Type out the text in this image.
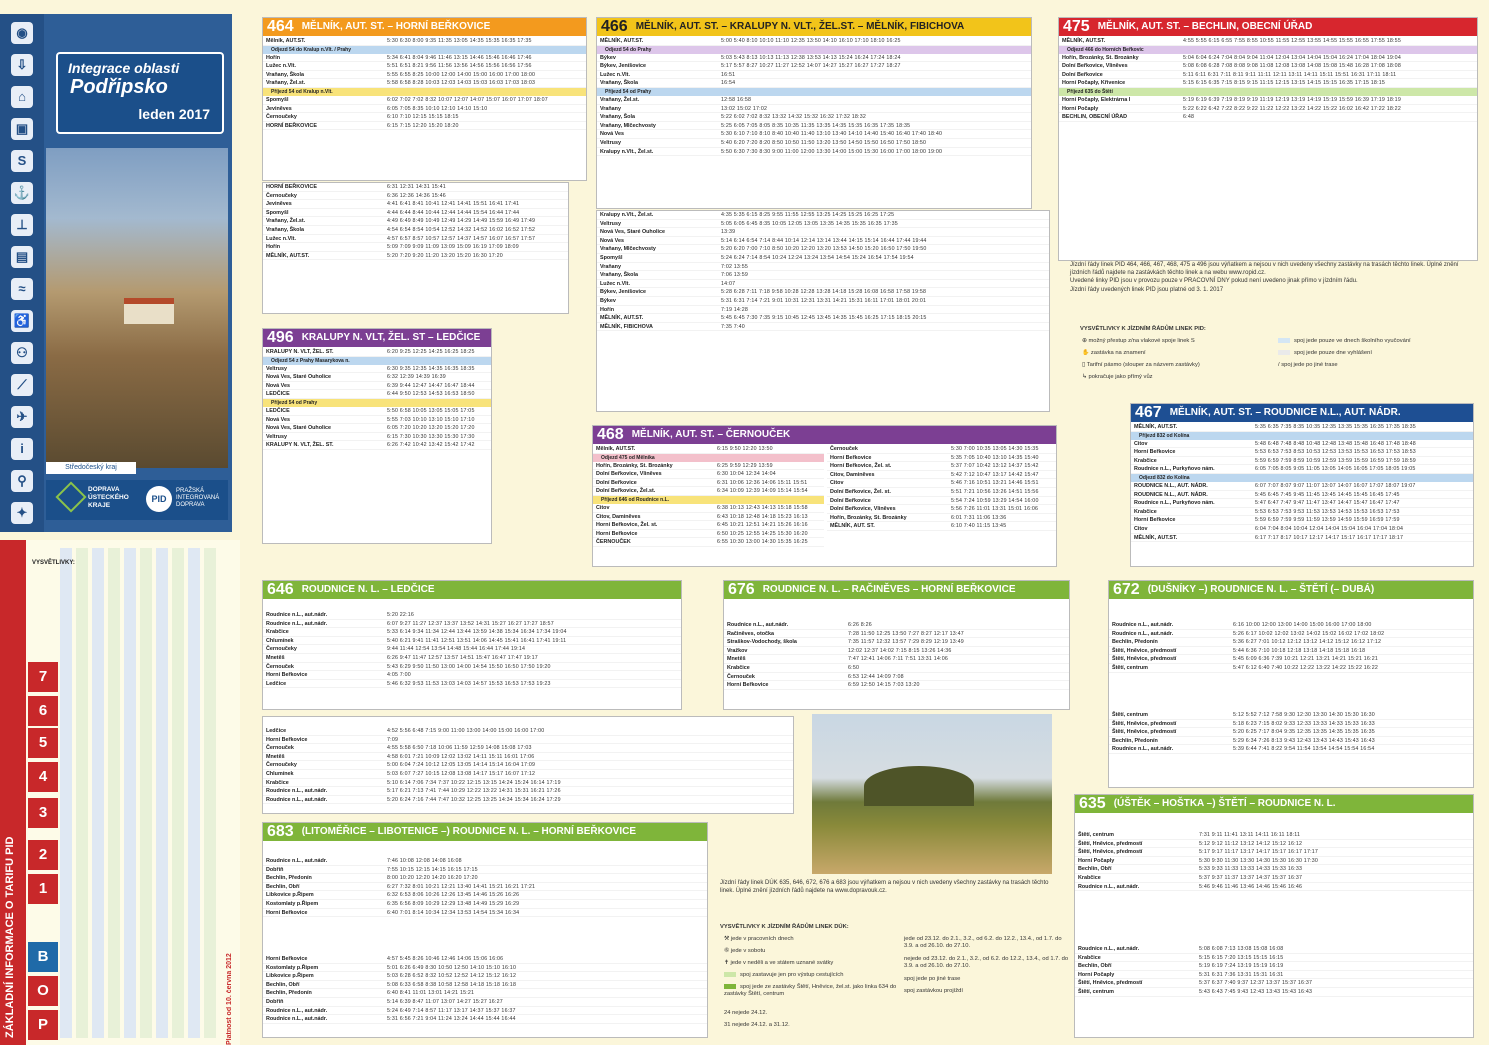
◉
⇩
⌂
▣
S
⚓
⊥
▤
≈
♿
⚇
⟋
✈
i
⚲
✦
Integrace oblasti
Podřipsko
leden 2017
Středočeský kraj
DOPRAVA ÚSTECKÉHO KRAJE
PID
PRAŽSKÁ INTEGROVANÁ DOPRAVA
ZÁKLADNÍ INFORMACE O TARIFU PID	P
O
B
1
2
3
4
5
6
7
Platnost od 10. června 2012
VYSVĚTLIVKY:
464 MĚLNÍK, AUT. ST. – HORNÍ BEŘKOVICE
Mělník, AUT.ST.	5:30 6:30 8:00 9:35 11:35 13:05 14:35 15:35 16:35 17:35
Odjezd 54 do Kralup n.Vlt. / Prahy
Hořín	5:34 6:41 8:04 9:46 11:46 13:15 14:46 15:46 16:46 17:46
Lužec n.Vlt.	5:51 6:51 8:21 9:56 11:56 13:56 14:56 15:56 16:56 17:56
Vraňany, Škola	5:55 6:55 8:25 10:00 12:00 14:00 15:00 16:00 17:00 18:00
Vraňany, Žel.st.	5:58 6:58 8:28 10:03 12:03 14:03 15:03 16:03 17:03 18:03
Příjezd 54 od Kralup n.Vlt.
Spomyšl	6:02 7:02 7:02 8:32 10:07 12:07 14:07 15:07 16:07 17:07 18:07
Jeviněves	6:05 7:05 8:35 10:10 12:10 14:10 15:10
Černoučeky	6:10 7:10 12:15 15:15 18:15
HORNÍ BEŘKOVICE	6:15 7:15 12:20 15:20 18:20
HORNÍ BEŘKOVICE	6:31 12:31 14:31 15:41
Černoučeky	6:36 12:36 14:36 15:46
Jeviněves	4:41 6:41 8:41 10:41 12:41 14:41 15:51 16:41 17:41
Spomyšl	4:44 6:44 8:44 10:44 12:44 14:44 15:54 16:44 17:44
Vraňany, Žel.st.	4:49 6:49 8:49 10:49 12:49 14:29 14:49 15:59 16:49 17:49
Vraňany, Škola	4:54 6:54 8:54 10:54 12:52 14:32 14:52 16:02 16:52 17:52
Lužec n.Vlt.	4:57 6:57 8:57 10:57 12:57 14:37 14:57 16:07 16:57 17:57
Hořín	5:09 7:09 9:09 11:09 13:09 15:09 16:19 17:09 18:09
MĚLNÍK, AUT.ST.	5:20 7:20 9:20 11:20 13:20 15:20 16:30 17:20
496 KRALUPY N. VLT, ŽEL. ST – LEDČICE
KRALUPY N. VLT, ŽEL. ST.	6:20 9:25 12:25 14:25 16:25 18:25
Odjezd 54 z Prahy Masarykova n.
Veltrusy	6:30 9:35 12:35 14:35 16:35 18:35
Nová Ves, Staré Ouholice	6:32 12:39 14:39 16:39
Nová Ves	6:39 9:44 12:47 14:47 16:47 18:44
LEDČICE	6:44 9:50 12:53 14:53 16:53 18:50
Příjezd 54 od Prahy
LEDČICE	5:50 6:58 10:05 13:05 15:05 17:05
Nová Ves	5:55 7:03 10:10 13:10 15:10 17:10
Nová Ves, Staré Ouholice	6:05 7:20 10:20 13:20 15:20 17:20
Veltrusy	6:15 7:30 10:30 13:30 15:30 17:30
KRALUPY N. VLT, ŽEL. ST.	6:26 7:42 10:42 13:42 15:42 17:42
466 MĚLNÍK, AUT. ST. – KRALUPY N. VLT., ŽEL.ST. – MĚLNÍK, FIBICHOVA
MĚLNÍK, AUT.ST.	5:00 5:40 8:10 10:10 11:10 12:35 13:50 14:10 16:10 17:10 18:10 16:25
Odjezd 54 do Prahy
Býkev	5:03 5:43 8:13 10:13 11:13 12:38 13:53 14:13 15:24 16:24 17:24 18:24
Býkev, Jeníšovice	5:17 5:57 8:27 10:27 11:27 12:52 14:07 14:27 15:27 16:27 17:27 18:27
Lužec n.Vlt.	16:51
Vraňany, Škola	16:54
Příjezd 54 od Prahy
Vraňany, Žel.st.	12:58 16:58
Vraňany	13:02 15:02 17:02
Vraňany, Šola	5:22 6:02 7:02 8:32 13:32 14:32 15:32 16:32 17:32 18:32
Vraňany, Mlčechvosty	5:25 6:05 7:05 8:05 8:35 10:35 11:35 13:35 14:35 15:35 16:35 17:35 18:35
Nová Ves	5:30 6:10 7:10 8:10 8:40 10:40 11:40 13:10 13:40 14:10 14:40 15:40 16:40 17:40 18:40
Veltrusy	5:40 6:20 7:20 8:20 8:50 10:50 11:50 13:20 13:50 14:50 15:50 16:50 17:50 18:50
Kralupy n.Vlt., Žel.st.	5:50 6:30 7:30 8:30 9:00 11:00 12:00 13:30 14:00 15:00 15:30 16:00 17:00 18:00 19:00
Kralupy n.Vlt., Žel.st.	4:35 5:35 6:15 8:25 9:55 11:55 12:55 13:25 14:25 15:25 16:25 17:25
Veltrusy	5:05 6:05 6:45 8:35 10:05 12:05 13:05 13:35 14:35 15:35 16:35 17:35
Nová Ves, Staré Ouholice	13:39
Nová Ves	5:14 6:14 6:54 7:14 8:44 10:14 12:14 13:14 13:44 14:15 15:14 16:44 17:44 19:44
Vraňany, Mlčechvosty	5:20 6:20 7:00 7:10 8:50 10:20 12:20 13:20 13:53 14:50 15:20 16:50 17:50 19:50
Spomyšl	5:24 6:24 7:14 8:54 10:24 12:24 13:24 13:54 14:54 15:24 16:54 17:54 19:54
Vraňany	7:02 13:55
Vraňany, Škola	7:06 13:59
Lužec n.Vlt.	14:07
Býkev, Jeníšovice	5:28 6:28 7:11 7:18 9:58 10:28 12:28 13:28 14:18 15:28 16:08 16:58 17:58 19:58
Býkev	5:31 6:31 7:14 7:21 9:01 10:31 12:31 13:31 14:21 15:31 16:11 17:01 18:01 20:01
Hořín	7:19 14:28
MĚLNÍK, AUT.ST.	5:45 6:45 7:30 7:35 9:15 10:45 12:45 13:45 14:35 15:45 16:25 17:15 18:15 20:15
MĚLNÍK, FIBICHOVA	7:35 7:40
468 MĚLNÍK, AUT. ST. – ČERNOUČEK
Mělník, AUT.ST.	6:15 9:50 12:20 13:50
Odjezd 475 od Mělníka
Hořín, Brozánky, St. Brozánky	6:25 9:59 12:29 13:59
Dolní Beřkovice, Vliněves	6:30 10:04 12:34 14:04
Dolní Beřkovice	6:31 10:06 12:36 14:06 15:11 15:51
Dolní Beřkovice, Žel.st.	6:34 10:09 12:39 14:09 15:14 15:54
Příjezd 646 od Roudnice n.L.
Citov	6:38 10:13 12:43 14:13 15:18 15:58
Citov, Daminěves	6:43 10:18 12:48 14:18 15:23 16:13
Horní Beřkovice, Žel. st.	6:45 10:21 12:51 14:21 15:26 16:16
Horní Beřkovice	6:50 10:25 12:55 14:25 15:30 16:20
ČERNOUČEK	6:55 10:30 13:00 14:30 15:35 16:25
Černouček	5:30 7:00 10:35 13:05 14:30 15:35
Horní Beřkovice	5:35 7:05 10:40 13:10 14:35 15:40
Horní Beřkovice, Žel. st.	5:37 7:07 10:42 13:12 14:37 15:42
Citov, Daminěves	5:42 7:12 10:47 13:17 14:42 15:47
Citov	5:46 7:16 10:51 13:21 14:46 15:51
Dolní Beřkovice, Žel. st.	5:51 7:21 10:56 13:26 14:51 15:56
Dolní Beřkovice	5:54 7:24 10:59 13:29 14:54 16:00
Dolní Beřkovice, Vliněves	5:56 7:26 11:01 13:31 15:01 16:06
Hořín, Brozánky, St. Brozánky	6:01 7:31 11:06 13:36
MĚLNÍK, AUT. ST.	6:10 7:40 11:15 13:45
475 MĚLNÍK, AUT. ST. – BECHLIN, OBECNÍ ÚŘAD
MĚLNÍK, AUT.ST.	4:55 5:55 6:15 6:55 7:55 8:55 10:55 11:55 12:55 13:55 14:55 15:55 16:55 17:55 18:55
Odjezd 466 do Horních Beřkovic
Hořín, Brozánky, St. Brozánky	5:04 6:04 6:24 7:04 8:04 9:04 11:04 12:04 13:04 14:04 15:04 16:24 17:04 18:04 19:04
Dolní Beřkovice, Vliněves	5:08 6:08 6:28 7:08 8:08 9:08 11:08 12:08 13:08 14:08 15:08 15:48 16:28 17:08 18:08
Dolní Beřkovice	5:11 6:11 6:31 7:11 8:11 9:11 11:11 12:11 13:11 14:11 15:11 15:51 16:31 17:11 18:11
Horní Počaply, Křivenice	5:15 6:15 6:35 7:15 8:15 9:15 11:15 12:15 13:15 14:15 15:15 16:35 17:15 18:15
Příjezd 635 do Štětí
Horní Počaply, Elektrárna I	5:19 6:19 6:39 7:19 8:19 9:19 11:19 12:19 13:19 14:19 15:19 15:59 16:39 17:19 18:19
Horní Počaply	5:22 6:22 6:42 7:22 8:22 9:22 11:22 12:22 13:22 14:22 15:22 16:02 16:42 17:22 18:22
BECHLIN, OBECNÍ ÚŘAD	6:48

Jízdní řády linek PID 464, 466, 467, 468, 475 a 496 jsou výňatkem a nejsou v nich uvedeny všechny zastávky na trasách těchto linek. Úplné znění jízdních řádů najdete na zastávkách těchto linek a na webu www.ropid.cz.

Uvedené linky PID jsou v provozu pouze v PRACOVNÍ DNY pokud není uvedeno jinak přímo v jízdním řádu.

Jízdní řády uvedených linek PID jsou platné od 3. 1. 2017

VYSVĚTLIVKY K JÍZDNÍM ŘÁDŮM LINEK PID:
⊕ možný přestup z/na vlakové spoje linek S
✋ zastávka na znamení
▯ Tarifní pásmo (slouper za názvem zastávky)
↳ pokračuje jako přímý vůz
spoj jede pouze ve dnech školního vyučování
spoj jede pouze dne vyhlášení
/ spoj jede po jiné trase
467 MĚLNÍK, AUT. ST. – ROUDNICE N.L., AUT. NÁDR.
MĚLNÍK, AUT.ST.	5:35 6:35 7:35 8:35 10:35 12:35 13:35 15:35 16:35 17:35 18:35
Příjezd 832 od Kolína
Citov	5:48 6:48 7:48 8:48 10:48 12:48 13:48 15:48 16:48 17:48 18:48
Horní Beřkovice	5:53 6:53 7:53 8:53 10:53 12:53 13:53 15:53 16:53 17:53 18:53
Krabčice	5:59 6:59 7:59 8:59 10:59 12:59 13:59 15:59 16:59 17:59 18:59
Roudnice n.L., Purkyňovo nám.	6:05 7:05 8:05 9:05 11:05 13:05 14:05 16:05 17:05 18:05 19:05
Odjezd 832 do Kolína
ROUDNICE N.L., AUT. NÁDR.	6:07 7:07 8:07 9:07 11:07 13:07 14:07 16:07 17:07 18:07 19:07
ROUDNICE N.L., AUT. NÁDR.	5:45 6:45 7:45 9:45 11:45 13:45 14:45 15:45 16:45 17:45
Roudnice n.L., Purkyňovo nám.	5:47 6:47 7:47 9:47 11:47 13:47 14:47 15:47 16:47 17:47
Krabčice	5:53 6:53 7:53 9:53 11:53 13:53 14:53 15:53 16:53 17:53
Horní Beřkovice	5:59 6:59 7:59 9:59 11:59 13:59 14:59 15:59 16:59 17:59
Citov	6:04 7:04 8:04 10:04 12:04 14:04 15:04 16:04 17:04 18:04
MĚLNÍK, AUT.ST.	6:17 7:17 8:17 10:17 12:17 14:17 15:17 16:17 17:17 18:17
646 ROUDNICE N. L. – LEDČICE
Roudnice n.L., aut.nádr.	5:20 22:16
Roudnice n.L., aut.nádr.	6:07 9:27 11:27 12:37 13:37 13:52 14:31 15:27 16:27 17:27 18:57
Krabčice	5:33 6:14 9:34 11:34 12:44 13:44 13:59 14:38 15:34 16:34 17:34 19:04
Chlumínek	5:40 6:21 9:41 11:41 12:51 13:51 14:06 14:45 15:41 16:41 17:41 19:11
Černoučeky	9:44 11:44 12:54 13:54 14:48 15:44 16:44 17:44 19:14
Mnetěš	6:26 9:47 11:47 12:57 13:57 14:51 15:47 16:47 17:47 19:17
Černouček	5:43 6:29 9:50 11:50 13:00 14:00 14:54 15:50 16:50 17:50 19:20
Horní Beřkovice	4:05 7:00
Ledčice	5:46 6:32 9:53 11:53 13:03 14:03 14:57 15:53 16:53 17:53 19:23
Ledčice	4:52 5:56 6:48 7:15 9:00 11:00 13:00 14:00 15:00 16:00 17:00
Horní Beřkovice	7:09
Černouček	4:55 5:58 6:50 7:18 10:06 11:59 12:59 14:08 15:08 17:03
Mnetěš	4:58 6:01 7:21 10:09 12:02 13:02 14:11 15:11 16:01 17:06
Černoučeky	5:00 6:04 7:24 10:12 12:05 13:05 14:14 15:14 16:04 17:09
Chlumínek	5:03 6:07 7:27 10:15 12:08 13:08 14:17 15:17 16:07 17:12
Krabčice	5:10 6:14 7:06 7:34 7:37 10:22 12:15 13:15 14:24 15:24 16:14 17:19
Roudnice n.L., aut.nádr.	5:17 6:21 7:13 7:41 7:44 10:29 12:22 13:22 14:31 15:31 16:21 17:26
Roudnice n.L., aut.nádr.	5:20 6:24 7:16 7:44 7:47 10:32 12:25 13:25 14:34 15:34 16:24 17:29
676 ROUDNICE N. L. – RAČINĚVES – HORNÍ BEŘKOVICE
Roudnice n.L., aut.nádr.	6:26 8:26
Račiněves, otočka	7:28 11:50 12:25 13:50 7:27 8:27 12:17 13:47
Straškov-Vodochody, škola	7:35 11:57 12:32 13:57 7:29 8:29 12:19 13:49
Vražkov	12:02 12:37 14:02 7:15 8:15 13:26 14:36
Mnetěš	7:47 12:41 14:06 7:11 7:51 13:31 14:06
Krabčice	6:50
Černouček	6:53 12:44 14:09 7:08
Horní Beřkovice	6:59 12:50 14:15 7:03 13:20
683 (LITOMĚŘICE – LIBOTENICE –) ROUDNICE N. L. – HORNÍ BEŘKOVICE
Roudnice n.L., aut.nádr.	7:46 10:08 12:08 14:08 16:08
Dobříň	7:55 10:15 12:15 14:15 16:15 17:15
Bechlín, Předonín	8:00 10:20 12:20 14:20 16:20 17:20
Bechlín, Obří	6:27 7:32 8:01 10:21 12:21 13:40 14:41 15:21 16:21 17:21
Libkovice p.Řipem	6:32 6:53 8:06 10:26 12:26 13:45 14:46 15:26 16:26
Kostomlaty p.Řipem	6:35 6:56 8:09 10:29 12:29 13:48 14:49 15:29 16:29
Horní Beřkovice	6:40 7:01 8:14 10:34 12:34 13:53 14:54 15:34 16:34
Horní Beřkovice	4:57 5:45 8:26 10:46 12:46 14:06 15:06 16:06
Kostomlaty p.Řipem	5:01 6:26 6:49 8:30 10:50 12:50 14:10 15:10 16:10
Libkovice p.Řipem	5:03 6:28 6:52 8:32 10:52 12:52 14:12 15:12 16:12
Bechlín, Obří	5:08 6:33 6:58 8:38 10:58 12:58 14:18 15:18 16:18
Bechlín, Předonín	6:40 8:41 11:01 13:01 14:21 15:21
Dobříň	5:14 6:39 8:47 11:07 13:07 14:27 15:27 16:27
Roudnice n.L., aut.nádr.	5:24 6:49 7:14 8:57 11:17 13:17 14:37 15:37 16:37
Roudnice n.L., aut.nádr.	5:31 6:56 7:21 9:04 11:24 13:24 14:44 15:44 16:44
Jízdní řády linek DÚK 635, 646, 672, 676 a 683 jsou výňatkem a nejsou v nich uvedeny všechny zastávky na trasách těchto linek. Úplné znění jízdních řádů najdete na www.dopravouk.cz.
VYSVĚTLIVKY K JÍZDNÍM ŘÁDŮM LINEK DÚK:
⚒ jede v pracovních dnech
⑥ jede v sobotu
✝ jede v neděli a ve státem uznané svátky
spoj zastavuje jen pro výstup cestujících
spoj jede ze zastávky Štětí, Hněvice, žel.st. jako linka 634 do zastávky Štětí, centrum
24 nejede 24.12.
31 nejede 24.12. a 31.12.
jede od 23.12. do 2.1., 3.2., od 6.2. do 12.2., 13.4., od 1.7. do 3.9. a od 26.10. do 27.10.
nejede od 23.12. do 2.1., 3.2., od 6.2. do 12.2., 13.4., od 1.7. do 3.9. a od 26.10. do 27.10.
spoj jede po jiné trase
spoj zastávkou projíždí
672 (DUŠNÍKY –) ROUDNICE N. L. – ŠTĚTÍ (– DUBÁ)
Roudnice n.L., aut.nádr.	6:16 10:00 12:00 13:00 14:00 15:00 16:00 17:00 18:00
Roudnice n.L., aut.nádr.	5:26 6:17 10:02 12:02 13:02 14:02 15:02 16:02 17:02 18:02
Bechlín, Předonín	5:36 6:27 7:01 10:12 12:12 13:12 14:12 15:12 16:12 17:12
Štětí, Hněvice, předmostí	5:44 6:36 7:10 10:18 12:18 13:18 14:18 15:18 16:18
Štětí, Hněvice, předmostí	5:45 6:09 6:36 7:39 10:21 12:21 13:21 14:21 15:21 16:21
Štětí, centrum	5:47 6:12 6:40 7:40 10:22 12:22 13:22 14:22 15:22 16:22
Štětí, centrum	5:12 5:52 7:12 7:58 9:30 12:30 13:30 14:30 15:30 16:30
Štětí, Hněvice, předmostí	5:18 6:23 7:15 8:02 9:33 12:33 13:33 14:33 15:33 16:33
Štětí, Hněvice, předmostí	5:20 6:25 7:17 8:04 9:35 12:35 13:35 14:35 15:35 16:35
Bechlín, Předonín	5:29 6:34 7:26 8:13 9:43 12:43 13:43 14:43 15:43 16:43
Roudnice n.L., aut.nádr.	5:39 6:44 7:41 8:22 9:54 11:54 13:54 14:54 15:54 16:54
635 (ÚŠTĚK – HOŠTKA –) ŠTĚTÍ – ROUDNICE N. L.
Štětí, centrum	7:31 9:11 11:41 13:11 14:11 16:11 18:11
Štětí, Hněvice, předmostí	5:12 9:12 11:12 13:12 14:12 15:12 16:12
Štětí, Hněvice, předmostí	5:17 9:17 11:17 13:17 14:17 15:17 16:17 17:17
Horní Počaply	5:30 9:30 11:30 13:30 14:30 15:30 16:30 17:30
Bechlín, Obří	5:33 9:33 11:33 13:33 14:33 15:33 16:33
Krabčice	5:37 9:37 11:37 13:37 14:37 15:37 16:37
Roudnice n.L., aut.nádr.	5:46 9:46 11:46 13:46 14:46 15:46 16:46
Roudnice n.L., aut.nádr.	5:08 6:08 7:13 13:08 15:08 16:08
Krabčice	5:15 6:15 7:20 13:15 15:15 16:15
Bechlín, Obří	5:19 6:19 7:24 13:19 15:19 16:19
Horní Počaply	5:31 6:31 7:36 13:31 15:31 16:31
Štětí, Hněvice, předmostí	5:37 6:37 7:40 9:37 12:37 13:37 15:37 16:37
Štětí, centrum	5:43 6:43 7:45 9:43 12:43 13:43 15:43 16:43
